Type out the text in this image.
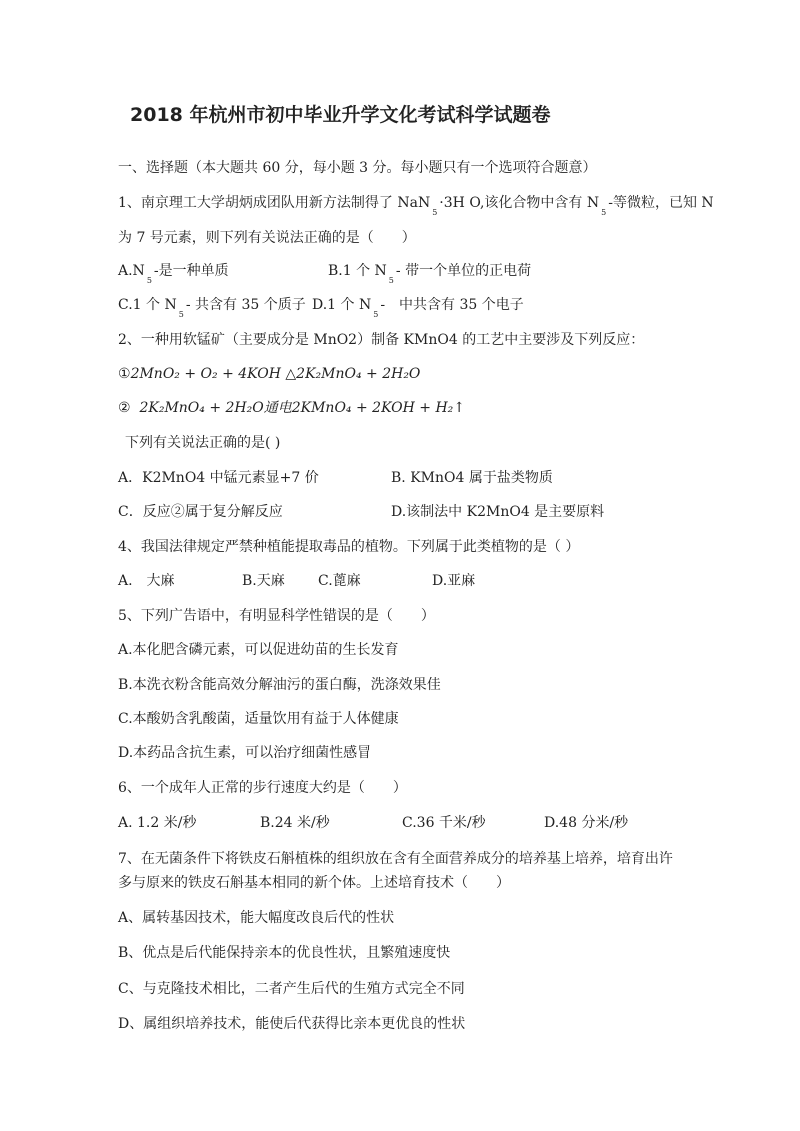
2018 年杭州市初中毕业升学文化考试科学试题卷
一、选择题（本大题共 60 分，每小题 3 分。每小题只有一个选项符合题意）
1、南京理工大学胡炳成团队用新方法制得了 NaN$_5$·3H O,该化合物中含有 $N_5-$等微粒，已知 N
为 7 号元素，则下列有关说法正确的是（　　）
$A.N_5-$是一种单质	B.1 个 $N_5-$ 带一个单位的正电荷
C.1 个 $N_5-$ 共含有 35 个质子 D.1 个 $N_5-$　中共含有 35 个电子
2、一种用软锰矿（主要成分是 MnO2）制备 KMnO4 的工艺中主要涉及下列反应：
①2MnO₂ + O₂ + 4KOH △2K₂MnO₄ + 2H₂O
② 2K₂MnO₄ + 2H₂O通电2KMnO₄ + 2KOH + H₂↑
下列有关说法正确的是( )
A．K2MnO4 中锰元素显+7 价	B. KMnO4 属于盐类物质
C．反应②属于复分解反应	D.该制法中 K2MnO4 是主要原料
4、我国法律规定严禁种植能提取毒品的植物。下列属于此类植物的是（ ）
A.　大麻	B.天麻 C.蓖麻	D.亚麻
5、下列广告语中，有明显科学性错误的是（　　）
A.本化肥含磷元素，可以促进幼苗的生长发育
B.本洗衣粉含能高效分解油污的蛋白酶，洗涤效果佳
C.本酸奶含乳酸菌，适量饮用有益于人体健康
D.本药品含抗生素，可以治疗细菌性感冒
6、一个成年人正常的步行速度大约是（　　）
A. 1.2 米/秒	B.24 米/秒	C.36 千米/秒	D.48 分米/秒
7、在无菌条件下将铁皮石斛植株的组织放在含有全面营养成分的培养基上培养，培育出许
多与原来的铁皮石斛基本相同的新个体。上述培育技术（　　）
A、属转基因技术，能大幅度改良后代的性状
B、优点是后代能保持亲本的优良性状，且繁殖速度快
C、与克隆技术相比，二者产生后代的生殖方式完全不同
D、属组织培养技术，能使后代获得比亲本更优良的性状
